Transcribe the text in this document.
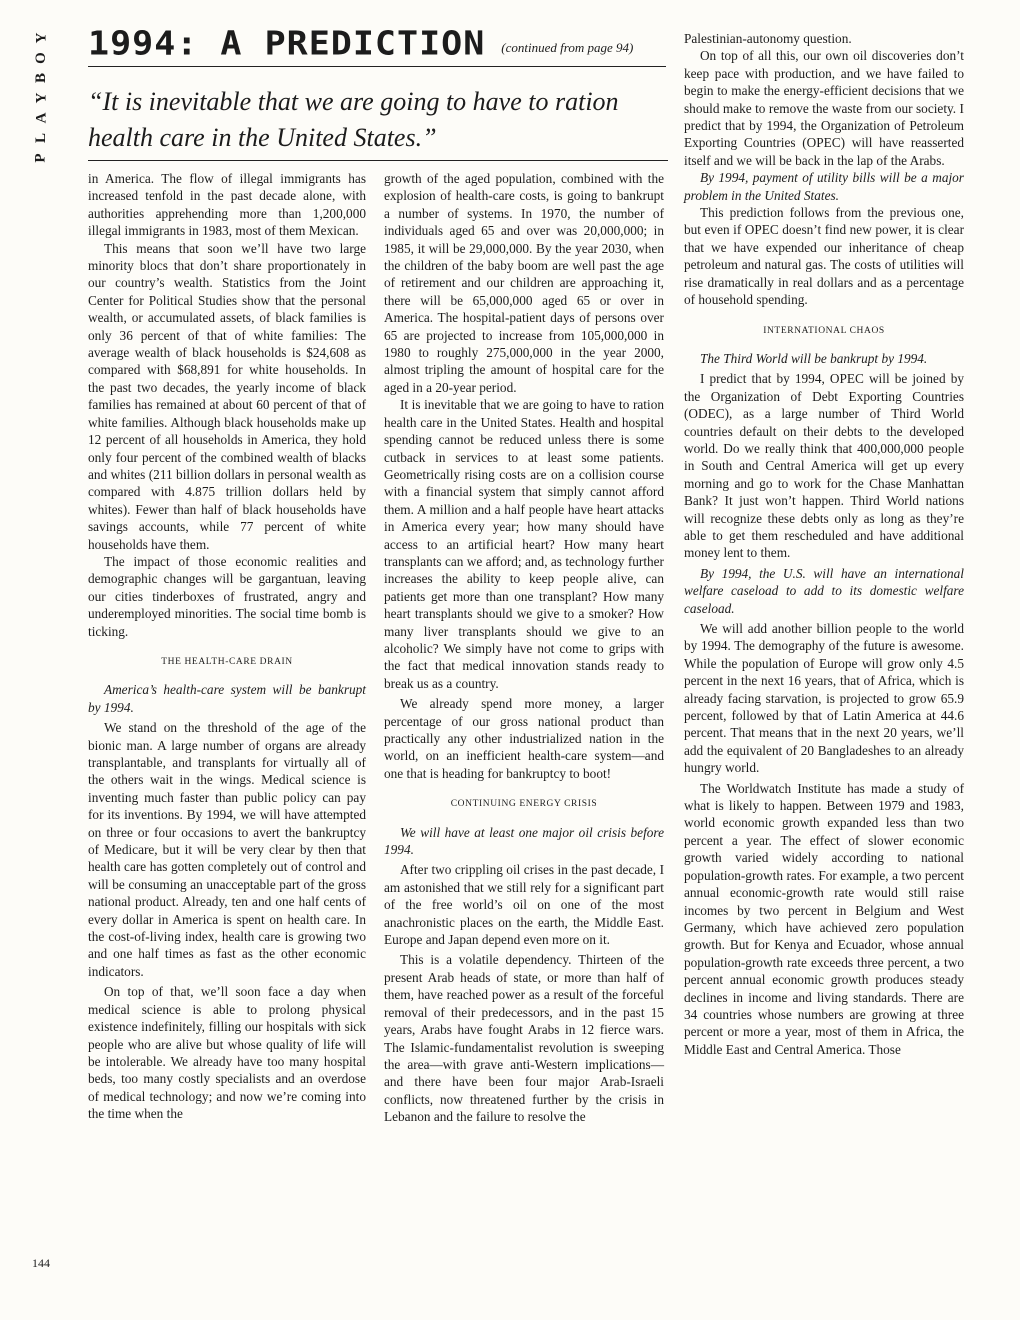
Y
O
B
Y
A
L
P
1994: A PREDICTION (continued from page 94)
“It is inevitable that we are going to have to ration health care in the United States.”

in America. The flow of illegal immigrants has increased tenfold in the past decade alone, with authorities apprehending more than 1,200,000 illegal immigrants in 1983, most of them Mexican.

This means that soon we’ll have two large minority blocs that don’t share proportionately in our country’s wealth. Statistics from the Joint Center for Political Studies show that the personal wealth, or accumulated assets, of black families is only 36 percent of that of white families: The average wealth of black households is $24,608 as compared with $68,891 for white households. In the past two decades, the yearly income of black families has remained at about 60 percent of that of white families. Although black households make up 12 percent of all households in America, they hold only four percent of the combined wealth of blacks and whites (211 billion dollars in personal wealth as compared with 4.875 trillion dollars held by whites). Fewer than half of black households have savings accounts, while 77 percent of white households have them.

The impact of those economic realities and demographic changes will be gargantuan, leaving our cities tinderboxes of frustrated, angry and underemployed minorities. The social time bomb is ticking.

THE HEALTH-CARE DRAIN

America’s health-care system will be bankrupt by 1994.

We stand on the threshold of the age of the bionic man. A large number of organs are already transplantable, and transplants for virtually all of the others wait in the wings. Medical science is inventing much faster than public policy can pay for its inventions. By 1994, we will have attempted on three or four occasions to avert the bankruptcy of Medicare, but it will be very clear by then that health care has gotten completely out of control and will be consuming an unacceptable part of the gross national product. Already, ten and one half cents of every dollar in America is spent on health care. In the cost-of-living index, health care is growing two and one half times as fast as the other economic indicators.

On top of that, we’ll soon face a day when medical science is able to prolong physical existence indefinitely, filling our hospitals with sick people who are alive but whose quality of life will be intolerable. We already have too many hospital beds, too many costly specialists and an overdose of medical technology; and now we’re coming into the time when the

growth of the aged population, combined with the explosion of health-care costs, is going to bankrupt a number of systems. In 1970, the number of individuals aged 65 and over was 20,000,000; in 1985, it will be 29,000,000. By the year 2030, when the children of the baby boom are well past the age of retirement and our children are approaching it, there will be 65,000,000 aged 65 or over in America. The hospital-patient days of persons over 65 are projected to increase from 105,000,000 in 1980 to roughly 275,000,000 in the year 2000, almost tripling the amount of hospital care for the aged in a 20-year period.

It is inevitable that we are going to have to ration health care in the United States. Health and hospital spending cannot be reduced unless there is some cutback in services to at least some patients. Geometrically rising costs are on a collision course with a financial system that simply cannot afford them. A million and a half people have heart attacks in America every year; how many should have access to an artificial heart? How many heart transplants can we afford; and, as technology further increases the ability to keep people alive, can patients get more than one transplant? How many heart transplants should we give to a smoker? How many liver transplants should we give to an alcoholic? We simply have not come to grips with the fact that medical innovation stands ready to break us as a country.

We already spend more money, a larger percentage of our gross national product than practically any other industrialized nation in the world, on an inefficient health-care system—and one that is heading for bankruptcy to boot!

CONTINUING ENERGY CRISIS

We will have at least one major oil crisis before 1994.

After two crippling oil crises in the past decade, I am astonished that we still rely for a significant part of the free world’s oil on one of the most anachronistic places on the earth, the Middle East. Europe and Japan depend even more on it.

This is a volatile dependency. Thirteen of the present Arab heads of state, or more than half of them, have reached power as a result of the forceful removal of their predecessors, and in the past 15 years, Arabs have fought Arabs in 12 fierce wars. The Islamic-fundamentalist revolution is sweeping the area—with grave anti-Western implications—and there have been four major Arab-Israeli conflicts, now threatened further by the crisis in Lebanon and the failure to resolve the

Palestinian-autonomy question.

On top of all this, our own oil discoveries don’t keep pace with production, and we have failed to begin to make the energy-efficient decisions that we should make to remove the waste from our society. I predict that by 1994, the Organization of Petroleum Exporting Countries (OPEC) will have reasserted itself and we will be back in the lap of the Arabs.

By 1994, payment of utility bills will be a major problem in the United States.

This prediction follows from the previous one, but even if OPEC doesn’t find new power, it is clear that we have expended our inheritance of cheap petroleum and natural gas. The costs of utilities will rise dramatically in real dollars and as a percentage of household spending.

INTERNATIONAL CHAOS

The Third World will be bankrupt by 1994.

I predict that by 1994, OPEC will be joined by the Organization of Debt Exporting Countries (ODEC), as a large number of Third World countries default on their debts to the developed world. Do we really think that 400,000,000 people in South and Central America will get up every morning and go to work for the Chase Manhattan Bank? It just won’t happen. Third World nations will recognize these debts only as long as they’re able to get them rescheduled and have additional money lent to them.

By 1994, the U.S. will have an international welfare caseload to add to its domestic welfare caseload.

We will add another billion people to the world by 1994. The demography of the future is awesome. While the population of Europe will grow only 4.5 percent in the next 16 years, that of Africa, which is already facing starvation, is projected to grow 65.9 percent, followed by that of Latin America at 44.6 percent. That means that in the next 20 years, we’ll add the equivalent of 20 Bangladeshes to an already hungry world.

The Worldwatch Institute has made a study of what is likely to happen. Between 1979 and 1983, world economic growth expanded less than two percent a year. The effect of slower economic growth varied widely according to national population-growth rates. For example, a two percent annual economic-growth rate would still raise incomes by two percent in Belgium and West Germany, which have achieved zero population growth. But for Kenya and Ecuador, whose annual population-growth rate exceeds three percent, a two percent annual economic growth produces steady declines in income and living standards. There are 34 countries whose numbers are growing at three percent or more a year, most of them in Africa, the Middle East and Central America. Those

144
